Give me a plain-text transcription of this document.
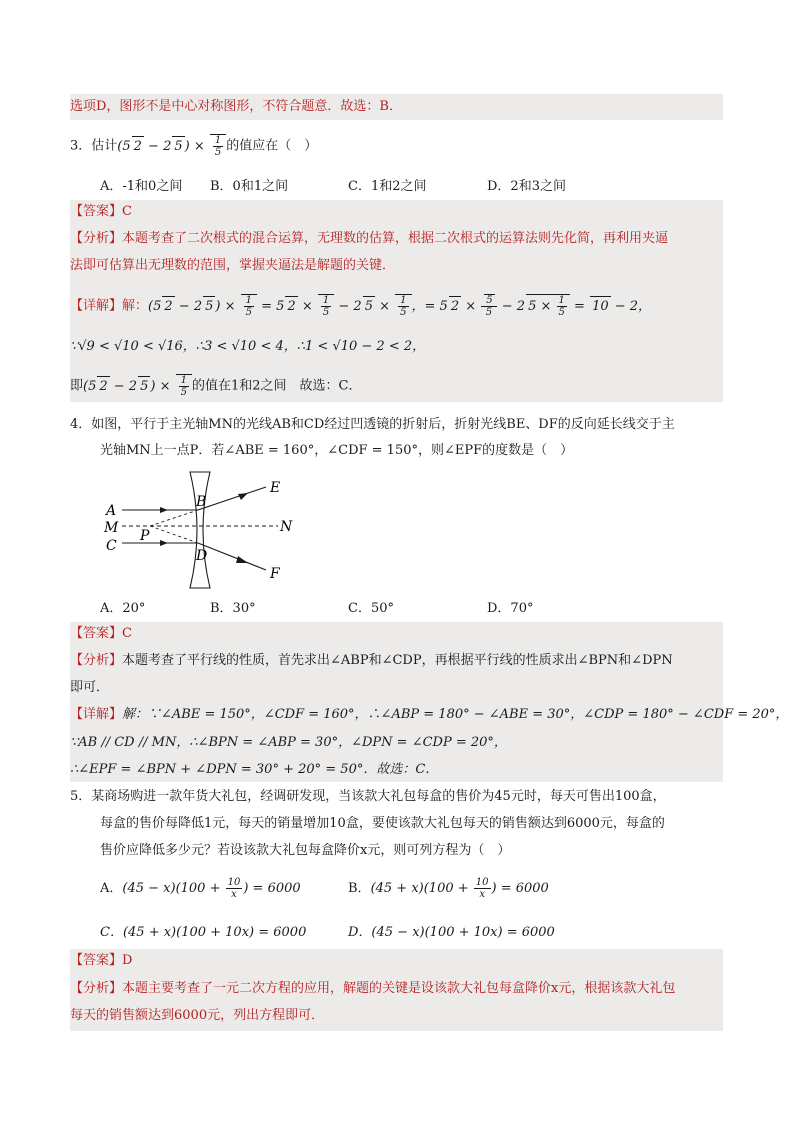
选项D，图形不是中心对称图形，不符合题意．故选：B．
3．估计(5 2 − 2 5 ) × $\frac{1}{5}$ 的值应在（　）
A．-1和0之间 B．0和1之间	C．1和2之间	D．2和3之间
【答案】C
【分析】本题考查了二次根式的混合运算，无理数的估算，根据二次根式的运算法则先化简，再利用夹逼
法即可估算出无理数的范围，掌握夹逼法是解题的关键．
【详解】解：(5 2 − 2 5 ) × $\frac{1}{5} = 5$ $2 \times \frac{1}{5} - 2$ $5 \times \frac{1}{5}$ ，= 5 $2 \times \frac{5}{5} - 2$ $5 \times \frac{1}{5} = 10 - 2$，
∵√9 < √10 < √16，∴3 < √10 < 4，∴1 < √10 − 2 < 2，
即(5 2 − 2 5 ) × $\frac{1}{5}$ 的值在1和2之间　故选：C．
4．如图，平行于主光轴MN的光线AB和CD经过凹透镜的折射后，折射光线BE、DF的反向延长线交于主
光轴MN上一点P．若∠ABE = 160°，∠CDF = 150°，则∠EPF的度数是（　）
A
M
C
P
B
D
E
N
F
A．20°	B．30°	C．50°	D．70°
【答案】C
【分析】本题考查了平行线的性质，首先求出∠ABP和∠CDP，再根据平行线的性质求出∠BPN和∠DPN
即可．
【详解】解：∵∠ABE = 150°，∠CDF = 160°，∴∠ABP = 180° − ∠ABE = 30°，∠CDP = 180° − ∠CDF = 20°，
∵AB // CD // MN，∴∠BPN = ∠ABP = 30°，∠DPN = ∠CDP = 20°，
∴∠EPF = ∠BPN + ∠DPN = 30° + 20° = 50°．故选：C．
5．某商场购进一款年货大礼包，经调研发现，当该款大礼包每盒的售价为45元时，每天可售出100盒，
每盒的售价每降低1元，每天的销量增加10盒，要使该款大礼包每天的销售额达到6000元，每盒的
售价应降低多少元？若设该款大礼包每盒降价x元，则可列方程为（　）
A．$(45 - x)(100 + \frac{10}{x}$ ) = 6000	B．$(45 + x)(100 + \frac{10}{x}$ ) = 6000
C．(45 + x)(100 + 10x) = 6000	D．(45 − x)(100 + 10x) = 6000
【答案】D
【分析】本题主要考查了一元二次方程的应用，解题的关键是设该款大礼包每盒降价x元，根据该款大礼包
每天的销售额达到6000元，列出方程即可．
